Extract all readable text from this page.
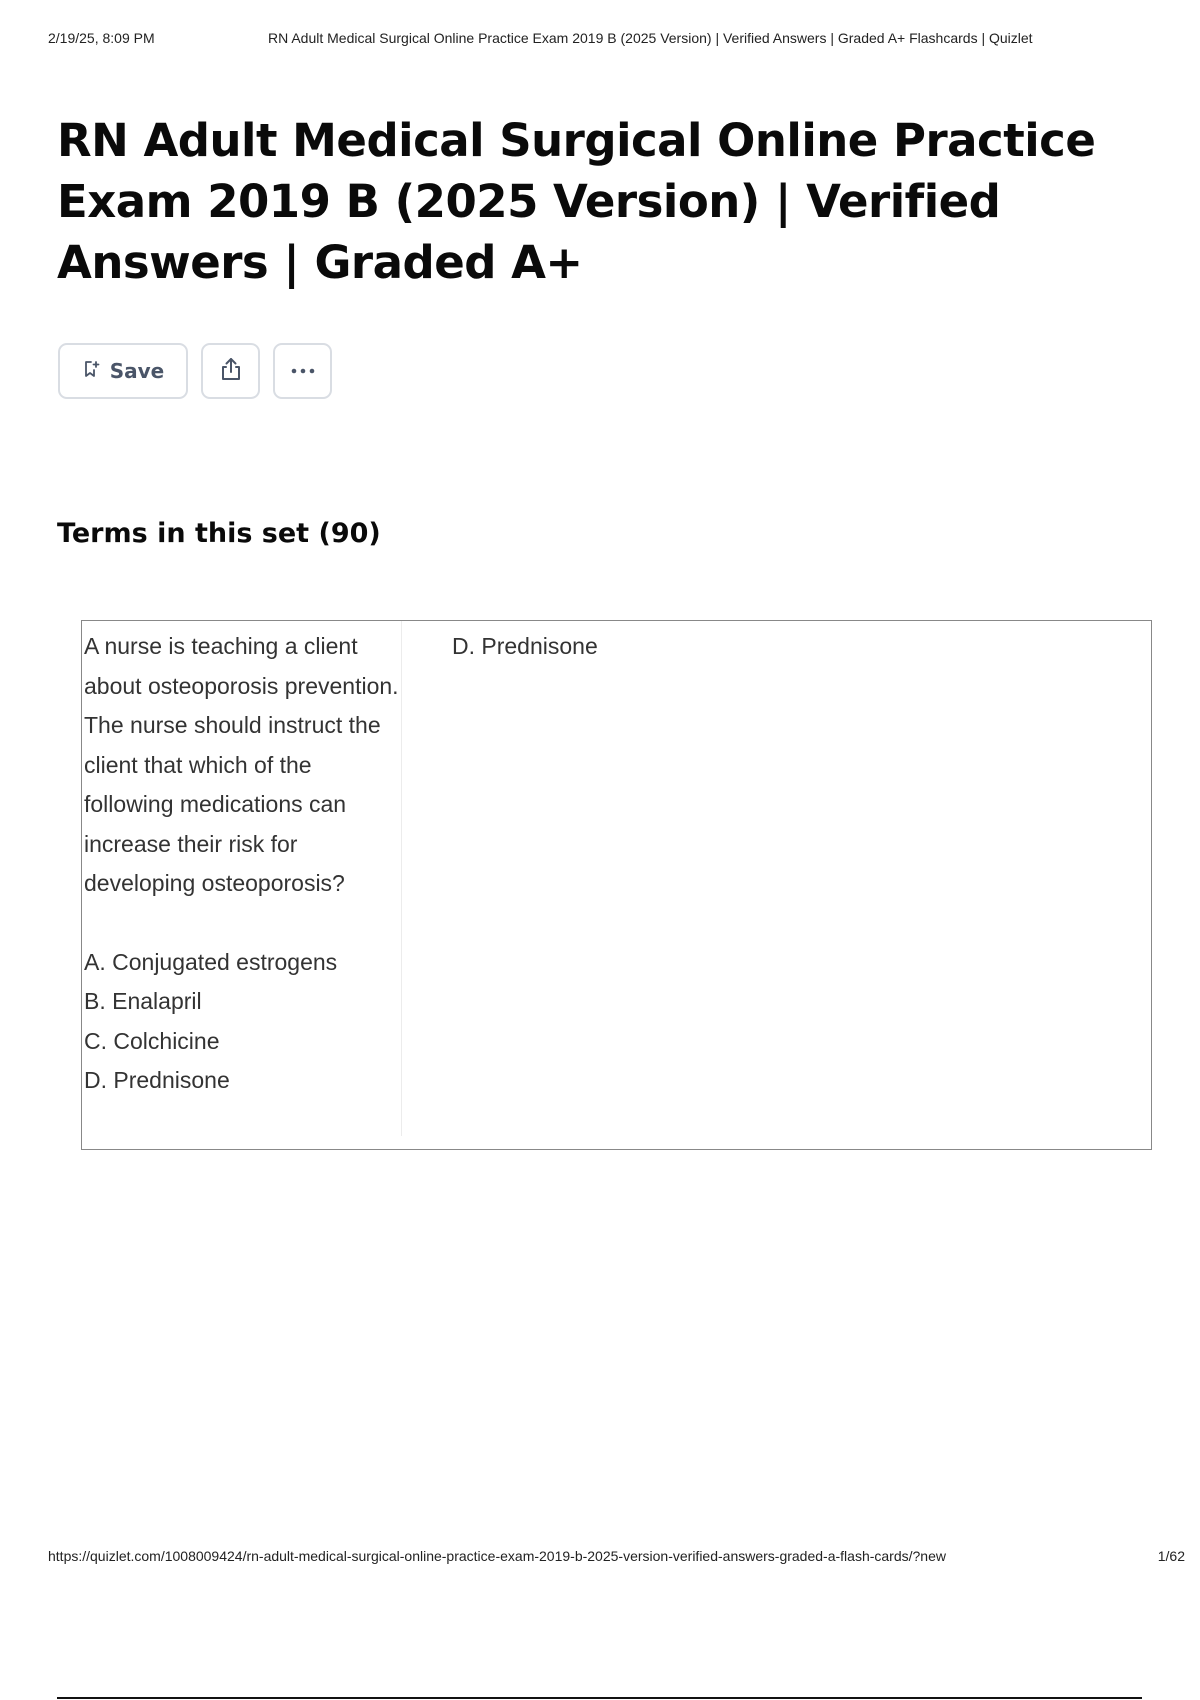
2/19/25, 8:09 PM	RN Adult Medical Surgical Online Practice Exam 2019 B (2025 Version) | Verified Answers | Graded A+ Flashcards | Quizlet
RN Adult Medical Surgical Online Practice Exam 2019 B (2025 Version) | Verified Answers | Graded A+
Save
Terms in this set (90)

A nurse is teaching a client about osteoporosis prevention. The nurse should instruct the client that which of the following medications can increase their risk for developing osteoporosis?

A. Conjugated estrogens

B. Enalapril

C. Colchicine

D. Prednisone

D. Prednisone
https://quizlet.com/1008009424/rn-adult-medical-surgical-online-practice-exam-2019-b-2025-version-verified-answers-graded-a-flash-cards/?new	1/62
